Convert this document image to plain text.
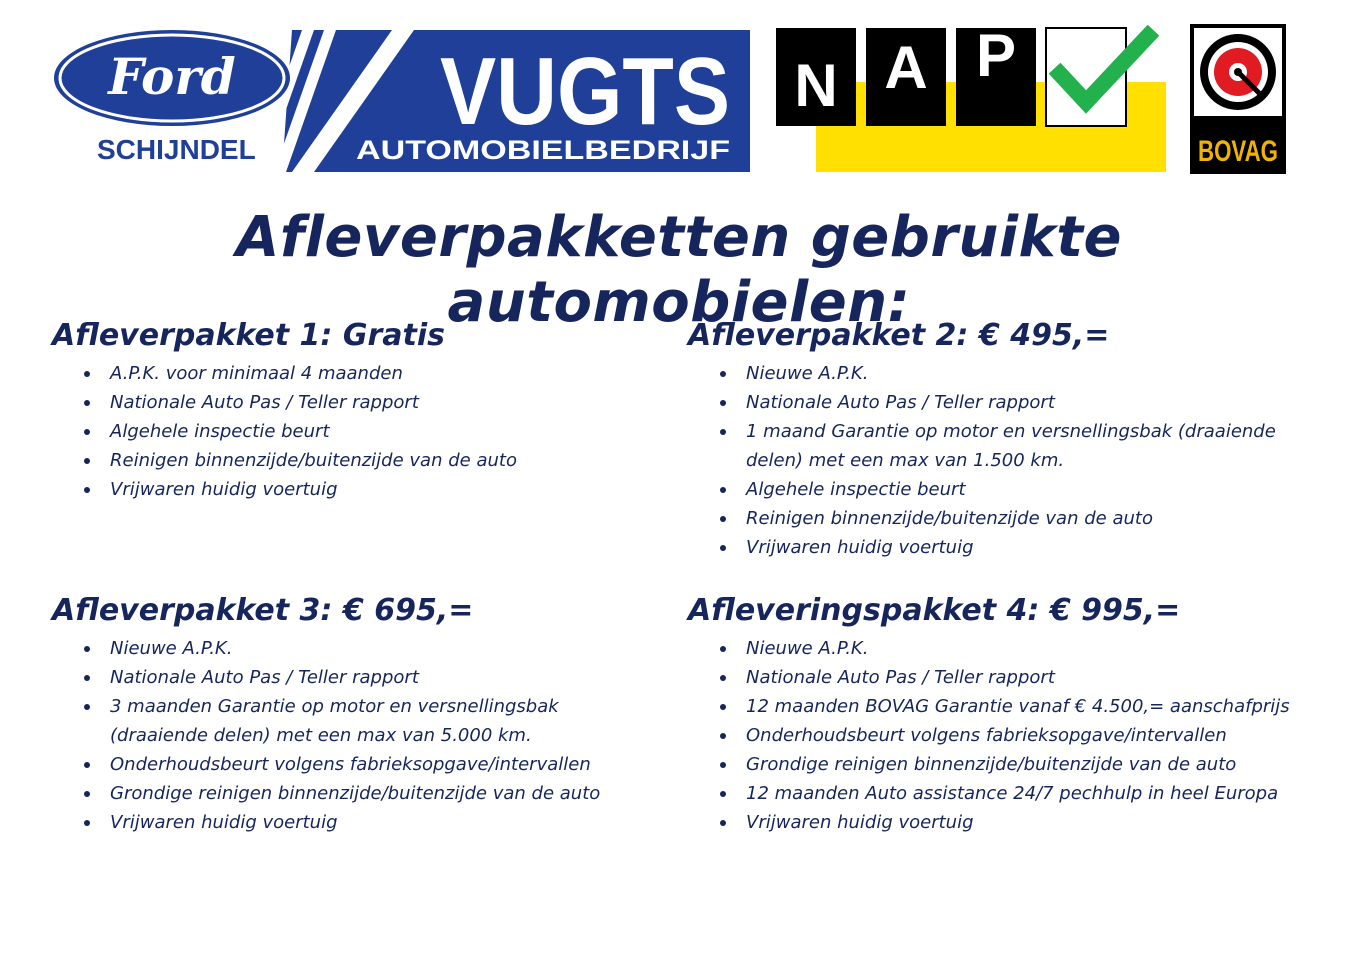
Ford
SCHIJNDEL
VUGTS
AUTOMOBIELBEDRIJF
N A P
BOVAG
Afleverpakketten gebruikte automobielen:
Afleverpakket 1: Gratis
A.P.K. voor minimaal 4 maanden
Nationale Auto Pas / Teller rapport
Algehele inspectie beurt
Reinigen binnenzijde/buitenzijde van de auto
Vrijwaren huidig voertuig
Afleverpakket 2: € 495,=
Nieuwe A.P.K.
Nationale Auto Pas / Teller rapport
1 maand Garantie op motor en versnellingsbak (draaiende delen) met een max van 1.500 km.
Algehele inspectie beurt
Reinigen binnenzijde/buitenzijde van de auto
Vrijwaren huidig voertuig
Afleverpakket 3: € 695,=
Nieuwe A.P.K.
Nationale Auto Pas / Teller rapport
3 maanden Garantie op motor en versnellingsbak (draaiende delen) met een max van 5.000 km.
Onderhoudsbeurt volgens fabrieksopgave/intervallen
Grondige reinigen binnenzijde/buitenzijde van de auto
Vrijwaren huidig voertuig
Afleveringspakket 4: € 995,=
Nieuwe A.P.K.
Nationale Auto Pas / Teller rapport
12 maanden BOVAG Garantie vanaf € 4.500,= aanschafprijs
Onderhoudsbeurt volgens fabrieksopgave/intervallen
Grondige reinigen binnenzijde/buitenzijde van de auto
12 maanden Auto assistance 24/7 pechhulp in heel Europa
Vrijwaren huidig voertuig
